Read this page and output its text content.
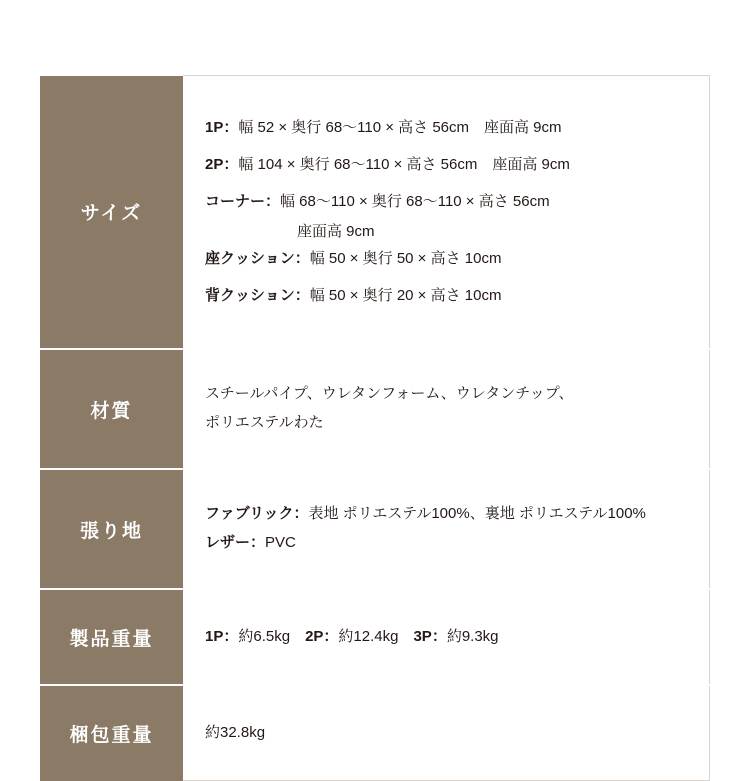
サイズ	
1P：幅 52 × 奥行 68〜110 × 高さ 56cm　座面高 9cm
2P：幅 104 × 奥行 68〜110 × 高さ 56cm　座面高 9cm
コーナー：幅 68〜110 × 奥行 68〜110 × 高さ 56cm
座面高 9cm
座クッション：幅 50 × 奥行 50 × 高さ 10cm
背クッション：幅 50 × 奥行 20 × 高さ 10cm

材質	スチールパイプ、ウレタンフォーム、ウレタンチップ、
ポリエステルわた

張り地	ファブリック：表地 ポリエステル100%、裏地 ポリエステル100%
レザー：PVC

製品重量	1P：約6.5kg　2P：約12.4kg　3P：約9.3kg

梱包重量	約32.8kg
